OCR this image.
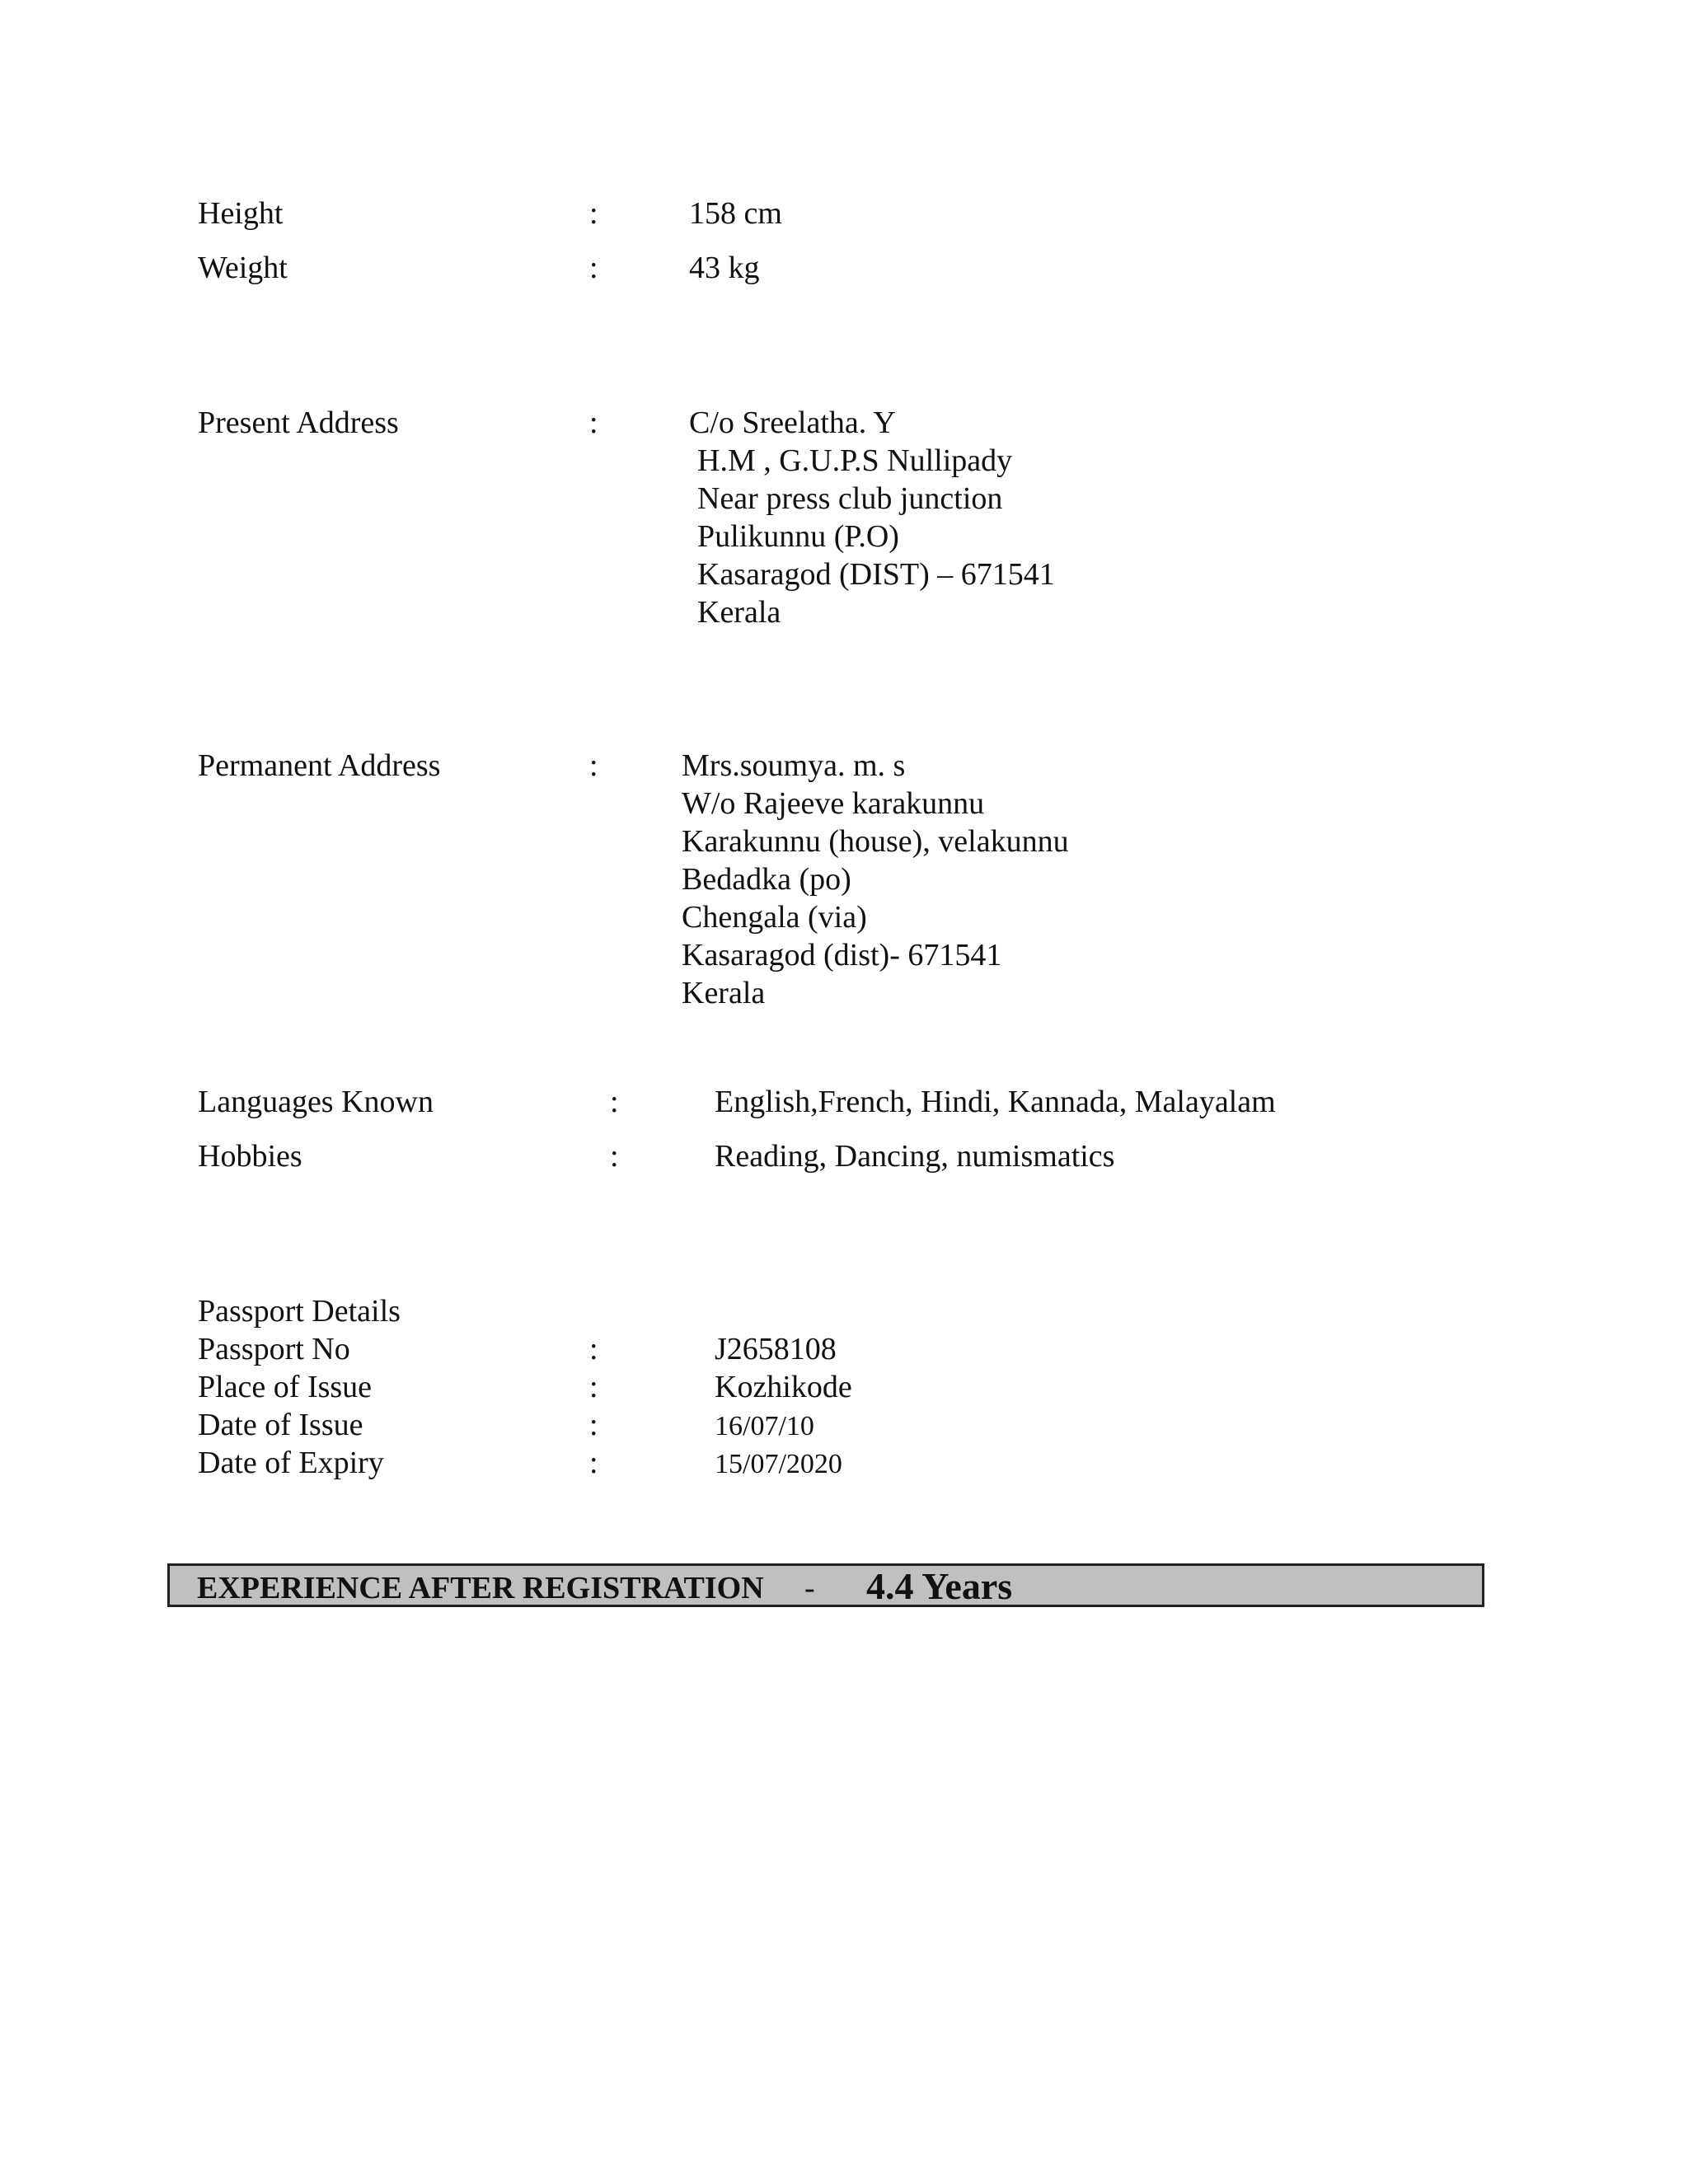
Height	:	158 cm
Weight	:	43 kg
Present Address	:	C/o Sreelatha. Y
H.M , G.U.P.S Nullipady
Near press club junction
Pulikunnu (P.O)
Kasaragod (DIST) – 671541
Kerala
Permanent Address	:	Mrs.soumya. m. s
W/o Rajeeve karakunnu
Karakunnu (house), velakunnu
Bedadka (po)
Chengala (via)
Kasaragod (dist)- 671541
Kerala
Languages Known	:	English,French, Hindi, Kannada, Malayalam
Hobbies	:	Reading, Dancing, numismatics
Passport Details
Passport No	:	J2658108
Place of Issue	:	Kozhikode
Date of Issue	:	16/07/10
Date of Expiry	:	15/07/2020
EXPERIENCE AFTER REGISTRATION - 4.4 Years
